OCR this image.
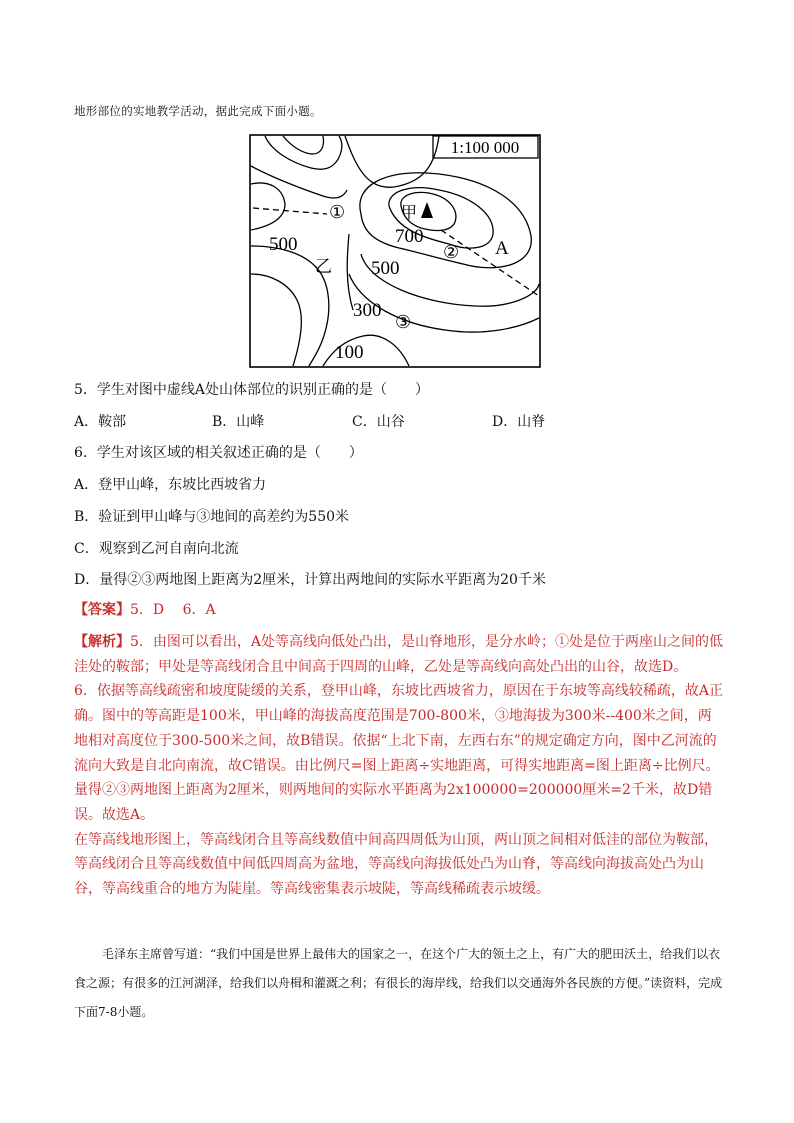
地形部位的实地教学活动，据此完成下面小题。
1:100 000
甲
700
500
500
300
100
乙
A
①
②
③
5．学生对图中虚线A处山体部位的识别正确的是（　　）
A．鞍部	B．山峰	C．山谷	D．山脊
6．学生对该区域的相关叙述正确的是（　　）
A．登甲山峰，东坡比西坡省力
B．验证到甲山峰与③地间的高差约为550米
C．观察到乙河自南向北流
D．量得②③两地图上距离为2厘米，计算出两地间的实际水平距离为20千米
【答案】5．D　 6．A

【解析】5．由图可以看出，A处等高线向低处凸出，是山脊地形，是分水岭；①处是位于两座山之间的低洼处的鞍部；甲处是等高线闭合且中间高于四周的山峰，乙处是等高线向高处凸出的山谷，故选D。

6．依据等高线疏密和坡度陡缓的关系，登甲山峰，东坡比西坡省力，原因在于东坡等高线较稀疏，故A正确。图中的等高距是100米，甲山峰的海拔高度范围是700-800米，③地海拔为300米--400米之间，两地相对高度位于300-500米之间，故B错误。依据“上北下南，左西右东”的规定确定方向，图中乙河流的流向大致是自北向南流，故C错误。由比例尺=图上距离÷实地距离，可得实地距离=图上距离÷比例尺。量得②③两地图上距离为2厘米，则两地间的实际水平距离为2x100000=200000厘米=2千米，故D错误。故选A。

在等高线地形图上，等高线闭合且等高线数值中间高四周低为山顶，两山顶之间相对低洼的部位为鞍部，等高线闭合且等高线数值中间低四周高为盆地，等高线向海拔低处凸为山脊，等高线向海拔高处凸为山谷，等高线重合的地方为陡崖。等高线密集表示坡陡，等高线稀疏表示坡缓。

毛泽东主席曾写道：“我们中国是世界上最伟大的国家之一，在这个广大的领土之上，有广大的肥田沃土，给我们以衣食之源；有很多的江河湖泽，给我们以舟楫和灌溉之利；有很长的海岸线，给我们以交通海外各民族的方便。”读资料，完成下面7-8小题。
